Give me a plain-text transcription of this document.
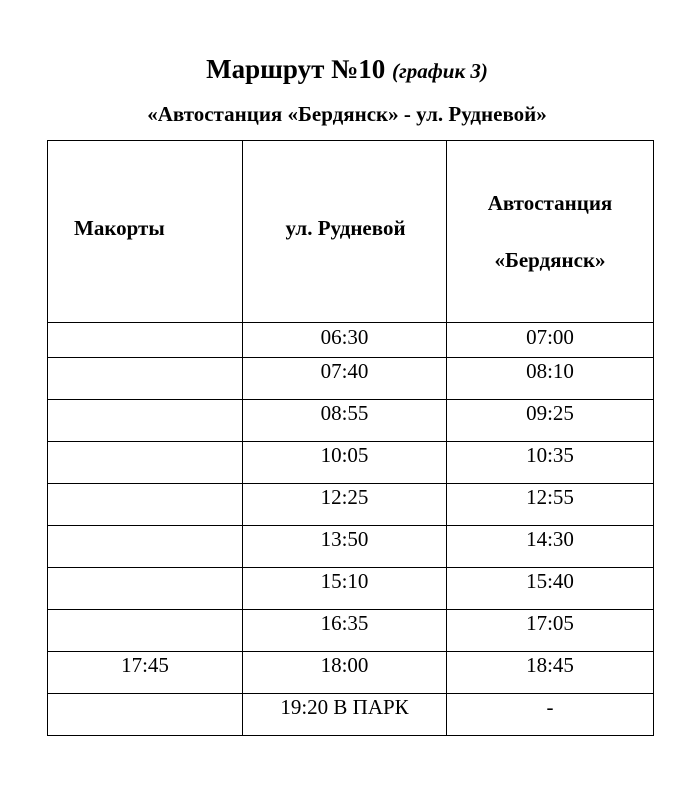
Маршрут №10 (график 3)
«Автостанция «Бердянск» - ул. Рудневой»
Макорты	ул. Рудневой	Автостанция
«Бердянск»

	06:30	07:00
	07:40	08:10
	08:55	09:25
	10:05	10:35
	12:25	12:55
	13:50	14:30
	15:10	15:40
	16:35	17:05
17:45	18:00	18:45
	19:20 В ПАРК	-
